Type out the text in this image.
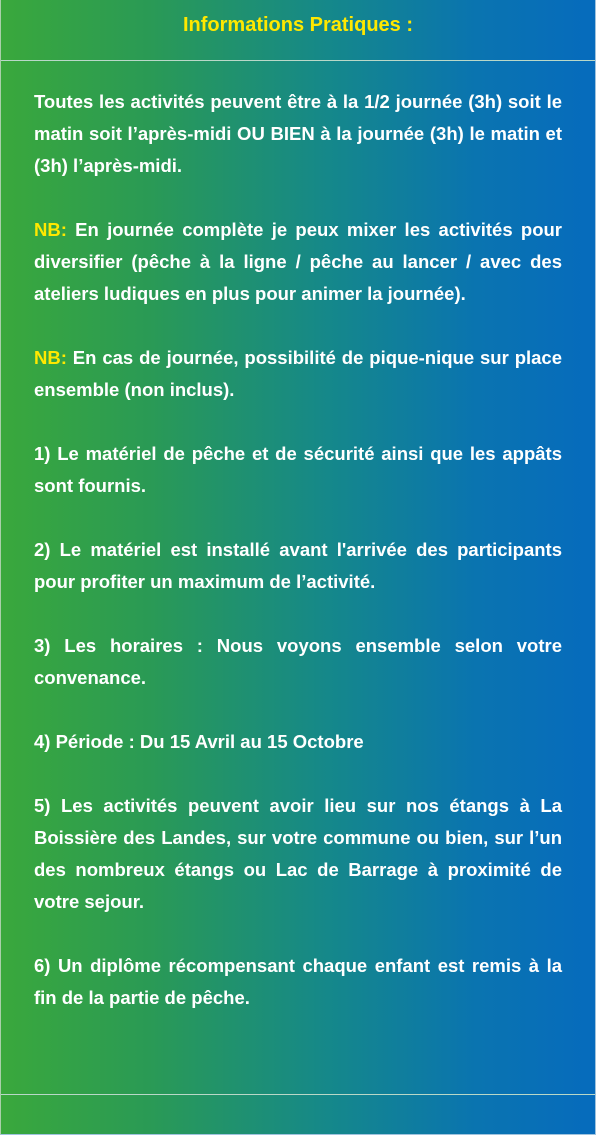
Informations Pratiques :

Toutes les activités peuvent être à la 1/2 journée (3h) soit le matin soit l’après-midi OU BIEN à la journée (3h) le matin et (3h) l’après-midi.

NB: En journée complète je peux mixer les activités pour diversifier (pêche à la ligne / pêche au lancer / avec des ateliers ludiques en plus pour animer la journée).

NB: En cas de journée, possibilité de pique-nique sur place ensemble (non inclus).

1) Le matériel de pêche et de sécurité ainsi que les appâts sont fournis.

2) Le matériel est installé avant l'arrivée des participants pour profiter un maximum de l’activité.

3) Les horaires : Nous voyons ensemble selon votre convenance.

4) Période : Du 15 Avril au 15 Octobre

5) Les activités peuvent avoir lieu sur nos étangs à La Boissière des Landes, sur votre commune ou bien, sur l’un des nombreux étangs ou Lac de Barrage à proximité de votre sejour.

6) Un diplôme récompensant chaque enfant est remis à la fin de la partie de pêche.
